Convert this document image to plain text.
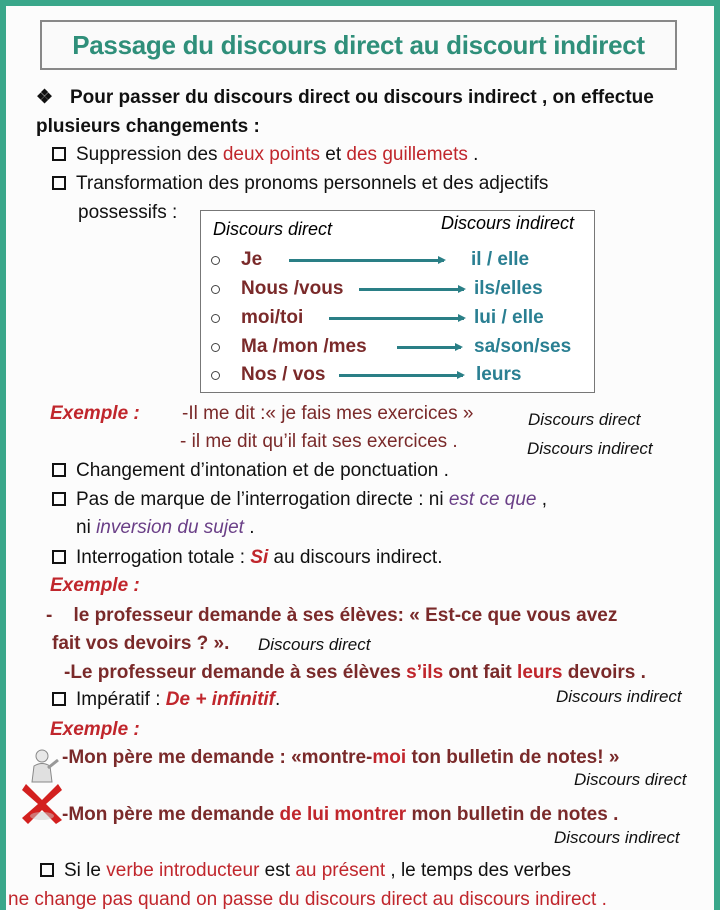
Passage du discours direct au discourt indirect
❖ Pour passer du discours direct ou discours indirect , on effectue
plusieurs changements :
Suppression des deux points et des guillemets .
Transformation des pronoms personnels et des adjectifs
possessifs :
Discours direct	Discours indirect
Je	il / elle
Nous /vous	ils/elles
moi/toi	lui / elle
Ma /mon /mes	sa/son/ses
Nos / vos	leurs
Exemple : -Il me dit :« je fais mes exercices »	Discours direct
- il me dit qu’il fait ses exercices .	Discours indirect
Changement d’intonation et de ponctuation .
Pas de marque de l’interrogation directe : ni est ce que ,
ni inversion du sujet .
Interrogation totale : Si au discours indirect.
Exemple :
- le professeur demande à ses élèves: « Est-ce que vous avez
fait vos devoirs ? ». Discours direct
-Le professeur demande à ses élèves s’ils ont fait leurs devoirs .
Impératif : De + infinitif.	Discours indirect
Exemple :
-Mon père me demande : «montre-moi ton bulletin de notes! »
Discours direct
-Mon père me demande de lui montrer mon bulletin de notes .
Discours indirect
Si le verbe introducteur est au présent , le temps des verbes
ne change pas quand on passe du discours direct au discours indirect .
